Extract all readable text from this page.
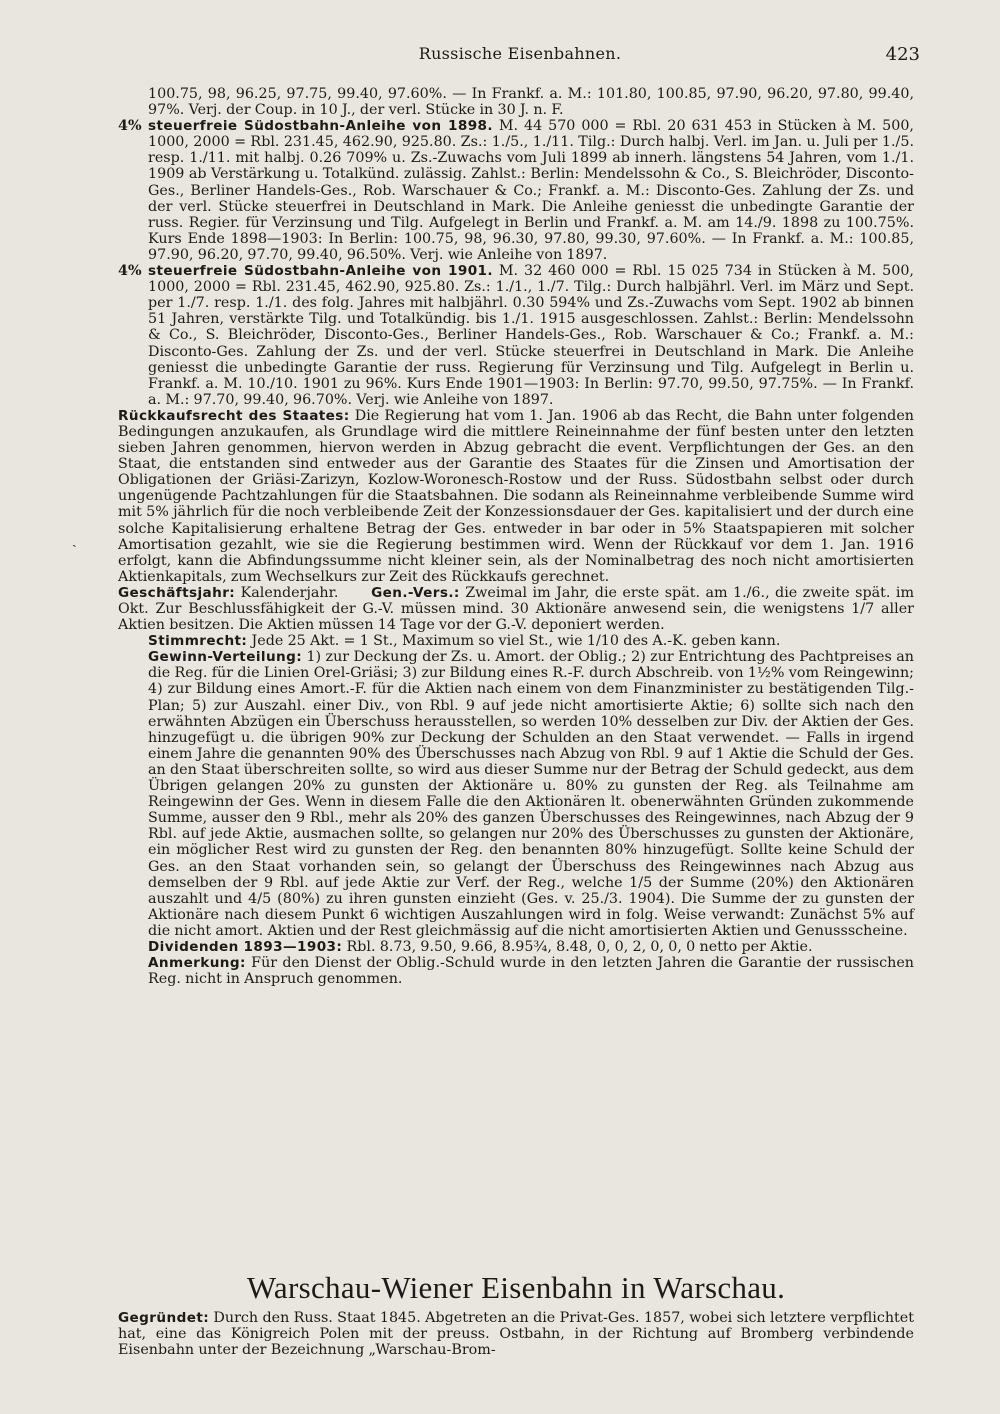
Russische Eisenbahnen.	423
ˎ

100.75, 98, 96.25, 97.75, 99.40, 97.60%. — In Frankf. a. M.: 101.80, 100.85, 97.90, 96.20, 97.80, 99.40, 97%. Verj. der Coup. in 10 J., der verl. Stücke in 30 J. n. F.

4% steuerfreie Südostbahn-Anleihe von 1898. M. 44 570 000 = Rbl. 20 631 453 in Stücken à M. 500, 1000, 2000 = Rbl. 231.45, 462.90, 925.80. Zs.: 1./5., 1./11. Tilg.: Durch halbj. Verl. im Jan. u. Juli per 1./5. resp. 1./11. mit halbj. 0.26 709% u. Zs.-Zuwachs vom Juli 1899 ab innerh. längstens 54 Jahren, vom 1./1. 1909 ab Verstärkung u. Totalkünd. zulässig. Zahlst.: Berlin: Mendelssohn & Co., S. Bleichröder, Disconto-Ges., Berliner Handels-Ges., Rob. Warschauer & Co.; Frankf. a. M.: Disconto-Ges. Zahlung der Zs. und der verl. Stücke steuerfrei in Deutschland in Mark. Die Anleihe geniesst die unbedingte Garantie der russ. Regier. für Verzinsung und Tilg. Aufgelegt in Berlin und Frankf. a. M. am 14./9. 1898 zu 100.75%. Kurs Ende 1898—1903: In Berlin: 100.75, 98, 96.30, 97.80, 99.30, 97.60%. — In Frankf. a. M.: 100.85, 97.90, 96.20, 97.70, 99.40, 96.50%. Verj. wie Anleihe von 1897.

4% steuerfreie Südostbahn-Anleihe von 1901. M. 32 460 000 = Rbl. 15 025 734 in Stücken à M. 500, 1000, 2000 = Rbl. 231.45, 462.90, 925.80. Zs.: 1./1., 1./7. Tilg.: Durch halbjährl. Verl. im März und Sept. per 1./7. resp. 1./1. des folg. Jahres mit halbjährl. 0.30 594% und Zs.-Zuwachs vom Sept. 1902 ab binnen 51 Jahren, verstärkte Tilg. und Totalkündig. bis 1./1. 1915 ausgeschlossen. Zahlst.: Berlin: Mendelssohn & Co., S. Bleichröder, Disconto-Ges., Berliner Handels-Ges., Rob. Warschauer & Co.; Frankf. a. M.: Disconto-Ges. Zahlung der Zs. und der verl. Stücke steuerfrei in Deutschland in Mark. Die Anleihe geniesst die unbedingte Garantie der russ. Regierung für Verzinsung und Tilg. Aufgelegt in Berlin u. Frankf. a. M. 10./10. 1901 zu 96%. Kurs Ende 1901—1903: In Berlin: 97.70, 99.50, 97.75%. — In Frankf. a. M.: 97.70, 99.40, 96.70%. Verj. wie Anleihe von 1897.

Rückkaufsrecht des Staates: Die Regierung hat vom 1. Jan. 1906 ab das Recht, die Bahn unter folgenden Bedingungen anzukaufen, als Grundlage wird die mittlere Reineinnahme der fünf besten unter den letzten sieben Jahren genommen, hiervon werden in Abzug gebracht die event. Verpflichtungen der Ges. an den Staat, die entstanden sind entweder aus der Garantie des Staates für die Zinsen und Amortisation der Obligationen der Griäsi-Zarizyn, Kozlow-Woronesch-Rostow und der Russ. Südostbahn selbst oder durch ungenügende Pachtzahlungen für die Staatsbahnen. Die sodann als Reineinnahme verbleibende Summe wird mit 5% jährlich für die noch verbleibende Zeit der Konzessionsdauer der Ges. kapitalisiert und der durch eine solche Kapitalisierung erhaltene Betrag der Ges. entweder in bar oder in 5% Staatspapieren mit solcher Amortisation gezahlt, wie sie die Regierung bestimmen wird. Wenn der Rückkauf vor dem 1. Jan. 1916 erfolgt, kann die Abfindungssumme nicht kleiner sein, als der Nominalbetrag des noch nicht amortisierten Aktienkapitals, zum Wechselkurs zur Zeit des Rückkaufs gerechnet.

Geschäftsjahr: Kalenderjahr. Gen.-Vers.: Zweimal im Jahr, die erste spät. am 1./6., die zweite spät. im Okt. Zur Beschlussfähigkeit der G.-V. müssen mind. 30 Aktionäre anwesend sein, die wenigstens 1/7 aller Aktien besitzen. Die Aktien müssen 14 Tage vor der G.-V. deponiert werden.

Stimmrecht: Jede 25 Akt. = 1 St., Maximum so viel St., wie 1/10 des A.-K. geben kann.

Gewinn-Verteilung: 1) zur Deckung der Zs. u. Amort. der Oblig.; 2) zur Entrichtung des Pachtpreises an die Reg. für die Linien Orel-Griäsi; 3) zur Bildung eines R.-F. durch Abschreib. von 1½% vom Reingewinn; 4) zur Bildung eines Amort.-F. für die Aktien nach einem von dem Finanzminister zu bestätigenden Tilg.-Plan; 5) zur Auszahl. einer Div., von Rbl. 9 auf jede nicht amortisierte Aktie; 6) sollte sich nach den erwähnten Abzügen ein Überschuss herausstellen, so werden 10% desselben zur Div. der Aktien der Ges. hinzugefügt u. die übrigen 90% zur Deckung der Schulden an den Staat verwendet. — Falls in irgend einem Jahre die genannten 90% des Überschusses nach Abzug von Rbl. 9 auf 1 Aktie die Schuld der Ges. an den Staat überschreiten sollte, so wird aus dieser Summe nur der Betrag der Schuld gedeckt, aus dem Übrigen gelangen 20% zu gunsten der Aktionäre u. 80% zu gunsten der Reg. als Teilnahme am Reingewinn der Ges. Wenn in diesem Falle die den Aktionären lt. obenerwähnten Gründen zukommende Summe, ausser den 9 Rbl., mehr als 20% des ganzen Überschusses des Reingewinnes, nach Abzug der 9 Rbl. auf jede Aktie, ausmachen sollte, so gelangen nur 20% des Überschusses zu gunsten der Aktionäre, ein möglicher Rest wird zu gunsten der Reg. den benannten 80% hinzugefügt. Sollte keine Schuld der Ges. an den Staat vorhanden sein, so gelangt der Überschuss des Reingewinnes nach Abzug aus demselben der 9 Rbl. auf jede Aktie zur Verf. der Reg., welche 1/5 der Summe (20%) den Aktionären auszahlt und 4/5 (80%) zu ihren gunsten einzieht (Ges. v. 25./3. 1904). Die Summe der zu gunsten der Aktionäre nach diesem Punkt 6 wichtigen Auszahlungen wird in folg. Weise verwandt: Zunächst 5% auf die nicht amort. Aktien und der Rest gleichmässig auf die nicht amortisierten Aktien und Genussscheine.

Dividenden 1893—1903: Rbl. 8.73, 9.50, 9.66, 8.95¾, 8.48, 0, 0, 2, 0, 0, 0 netto per Aktie.

Anmerkung: Für den Dienst der Oblig.-Schuld wurde in den letzten Jahren die Garantie der russischen Reg. nicht in Anspruch genommen.

Warschau-Wiener Eisenbahn in Warschau.

Gegründet: Durch den Russ. Staat 1845. Abgetreten an die Privat-Ges. 1857, wobei sich letztere verpflichtet hat, eine das Königreich Polen mit der preuss. Ostbahn, in der Richtung auf Bromberg verbindende Eisenbahn unter der Bezeichnung „Warschau-Brom-
